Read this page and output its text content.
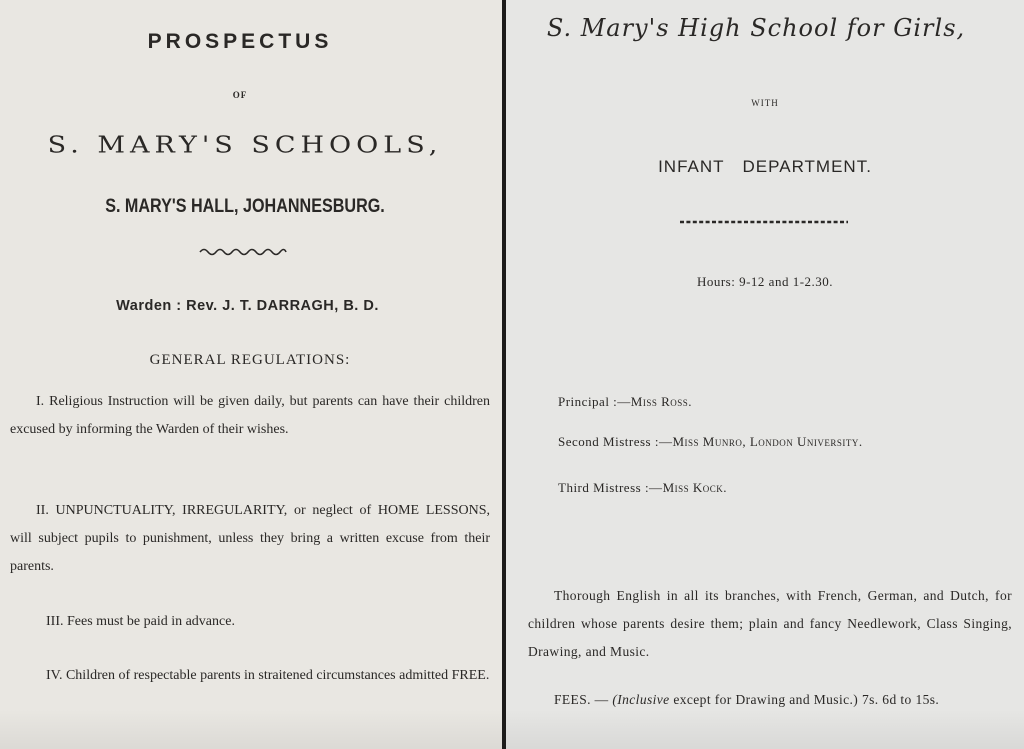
PROSPECTUS
OF
S. MARY'S SCHOOLS,
S. MARY'S HALL, JOHANNESBURG.
Warden : Rev. J. T. DARRAGH, B. D.
GENERAL REGULATIONS:
I. Religious Instruction will be given daily, but parents can have their children excused by informing the Warden of their wishes.
II. UNPUNCTUALITY, IRREGULARITY, or neglect of HOME LESSONS, will subject pupils to punishment, unless they bring a written excuse from their parents.
III. Fees must be paid in advance.
IV. Children of respectable parents in straitened circumstances admitted FREE.
S. Mary's High School for Girls,
WITH
INFANT DEPARTMENT.
Hours: 9-12 and 1-2.30.
Principal :—Miss Ross.
Second Mistress :—Miss Munro, London University.
Third Mistress :—Miss Kock.
Thorough English in all its branches, with French, German, and Dutch, for children whose parents desire them; plain and fancy Needlework, Class Singing, Drawing, and Music.
FEES. — (Inclusive except for Drawing and Music.) 7s. 6d to 15s.
